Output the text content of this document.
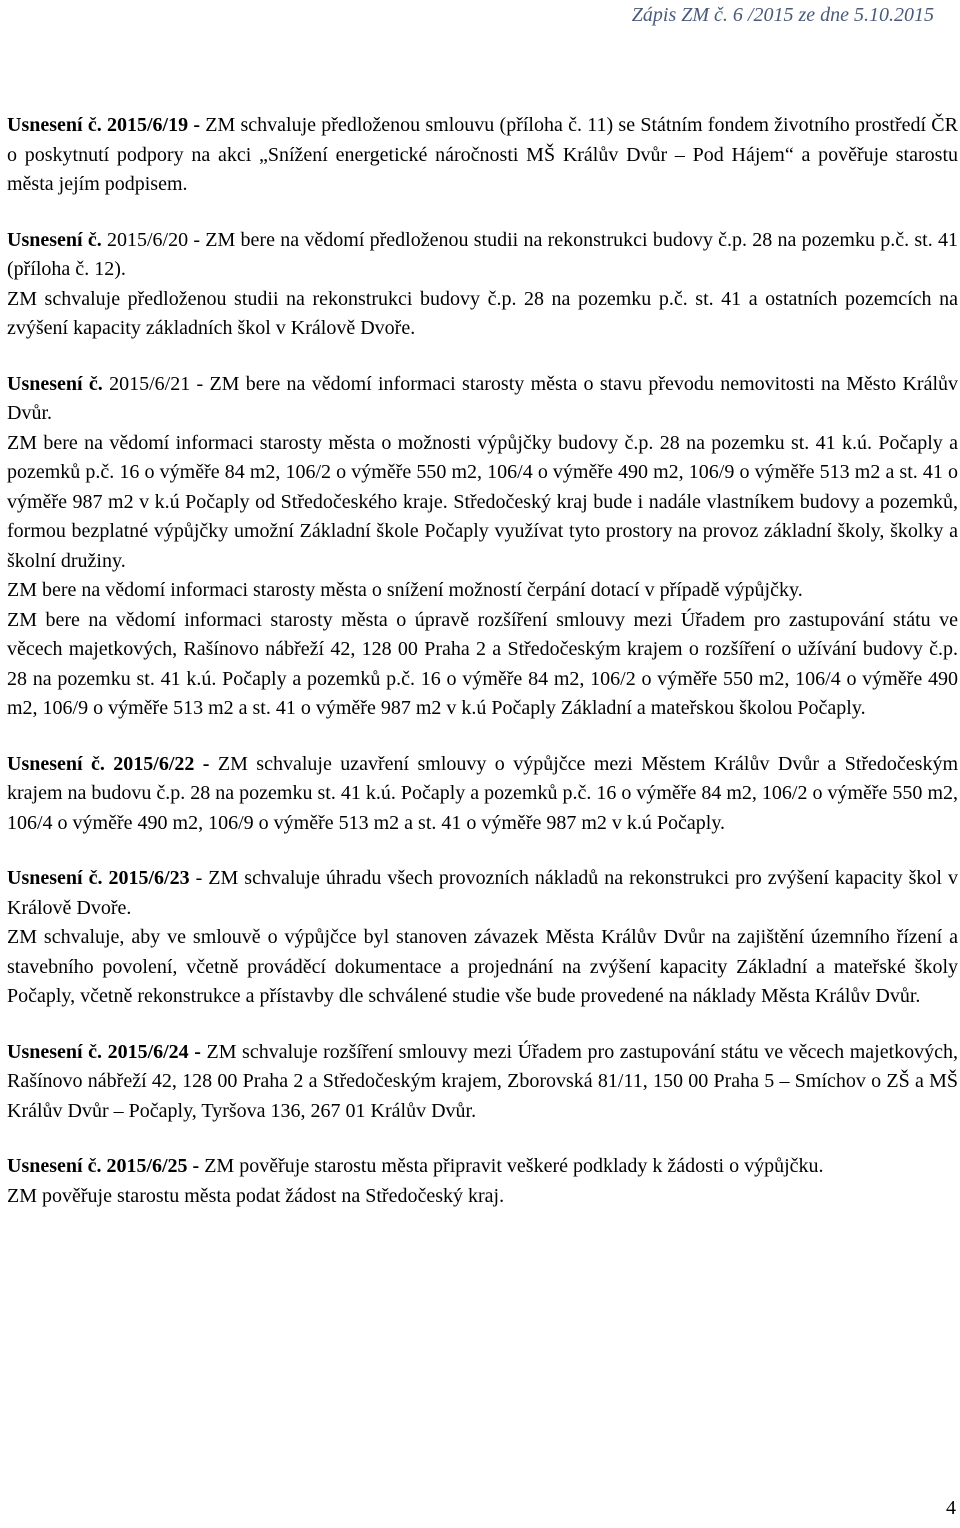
Zápis ZM č. 6 /2015 ze dne 5.10.2015

Usnesení č. 2015/6/19 - ZM schvaluje předloženou smlouvu (příloha č. 11) se Státním fondem životního prostředí ČR o poskytnutí podpory na akci „Snížení energetické náročnosti MŠ Králův Dvůr – Pod Hájem“ a pověřuje starostu města jejím podpisem.

Usnesení č. 2015/6/20 - ZM bere na vědomí předloženou studii na rekonstrukci budovy č.p. 28 na pozemku p.č. st. 41 (příloha č. 12).

ZM schvaluje předloženou studii na rekonstrukci budovy č.p. 28 na pozemku p.č. st. 41 a ostatních pozemcích na zvýšení kapacity základních škol v Králově Dvoře.

Usnesení č. 2015/6/21 - ZM bere na vědomí informaci starosty města o stavu převodu nemovitosti na Město Králův Dvůr.

ZM bere na vědomí informaci starosty města o možnosti výpůjčky budovy č.p. 28 na pozemku st. 41 k.ú. Počaply a pozemků p.č. 16 o výměře 84 m2, 106/2 o výměře 550 m2, 106/4 o výměře 490 m2, 106/9 o výměře 513 m2 a st. 41 o výměře 987 m2 v k.ú Počaply od Středočeského kraje. Středočeský kraj bude i nadále vlastníkem budovy a pozemků, formou bezplatné výpůjčky umožní Základní škole Počaply využívat tyto prostory na provoz základní školy, školky a školní družiny.

ZM bere na vědomí informaci starosty města o snížení možností čerpání dotací v případě výpůjčky.

ZM bere na vědomí informaci starosty města o úpravě rozšíření smlouvy mezi Úřadem pro zastupování státu ve věcech majetkových, Rašínovo nábřeží 42, 128 00 Praha 2 a Středočeským krajem o rozšíření o užívání budovy č.p. 28 na pozemku st. 41 k.ú. Počaply a pozemků p.č. 16 o výměře 84 m2, 106/2 o výměře 550 m2, 106/4 o výměře 490 m2, 106/9 o výměře 513 m2 a st. 41 o výměře 987 m2 v k.ú Počaply Základní a mateřskou školou Počaply.

Usnesení č. 2015/6/22 - ZM schvaluje uzavření smlouvy o výpůjčce mezi Městem Králův Dvůr a Středočeským krajem na budovu č.p. 28 na pozemku st. 41 k.ú. Počaply a pozemků p.č. 16 o výměře 84 m2, 106/2 o výměře 550 m2, 106/4 o výměře 490 m2, 106/9 o výměře 513 m2 a st. 41 o výměře 987 m2 v k.ú Počaply.

Usnesení č. 2015/6/23 - ZM schvaluje úhradu všech provozních nákladů na rekonstrukci pro zvýšení kapacity škol v Králově Dvoře.

ZM schvaluje, aby ve smlouvě o výpůjčce byl stanoven závazek Města Králův Dvůr na zajištění územního řízení a stavebního povolení, včetně prováděcí dokumentace a projednání na zvýšení kapacity Základní a mateřské školy Počaply, včetně rekonstrukce a přístavby dle schválené studie vše bude provedené na náklady Města Králův Dvůr.

Usnesení č. 2015/6/24 - ZM schvaluje rozšíření smlouvy mezi Úřadem pro zastupování státu ve věcech majetkových, Rašínovo nábřeží 42, 128 00 Praha 2 a Středočeským krajem, Zborovská 81/11, 150 00 Praha 5 – Smíchov o ZŠ a MŠ Králův Dvůr – Počaply, Tyršova 136, 267 01 Králův Dvůr.

Usnesení č. 2015/6/25 - ZM pověřuje starostu města připravit veškeré podklady k žádosti o výpůjčku.

ZM pověřuje starostu města podat žádost na Středočeský kraj.

4
